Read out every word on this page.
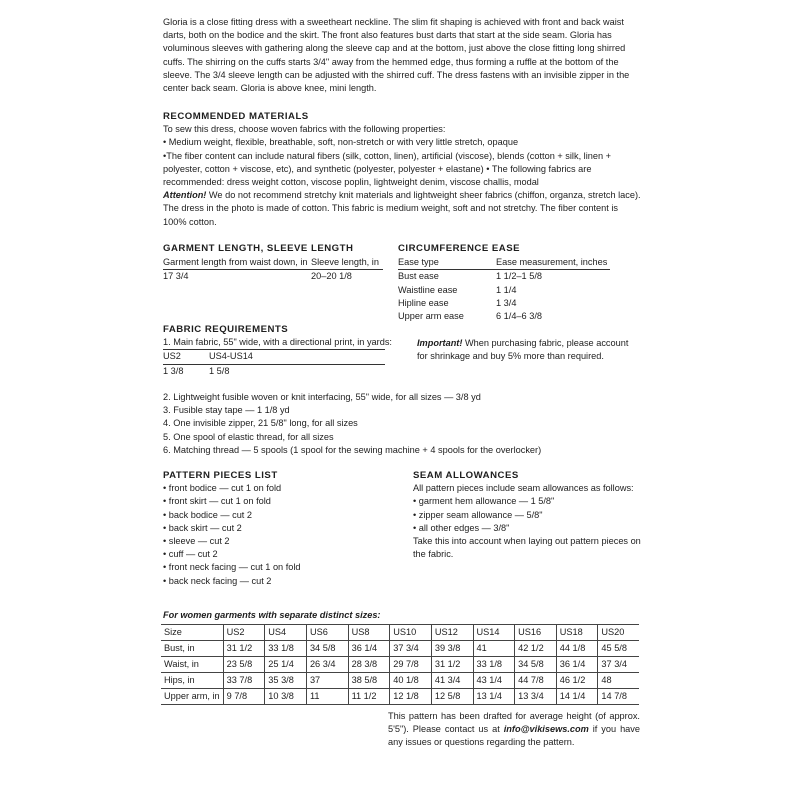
Gloria is a close fitting dress with a sweetheart neckline. The slim fit shaping is achieved with front and back waist darts, both on the bodice and the skirt. The front also features bust darts that start at the side seam. Gloria has voluminous sleeves with gathering along the sleeve cap and at the bottom, just above the close fitting long shirred cuffs. The shirring on the cuffs starts 3/4" away from the hemmed edge, thus forming a ruffle at the bottom of the sleeve. The 3/4 sleeve length can be adjusted with the shirred cuff. The dress fastens with an invisible zipper in the center back seam. Gloria is above knee, mini length.

RECOMMENDED MATERIALS

To sew this dress, choose woven fabrics with the following properties:

• Medium weight, flexible, breathable, soft, non-stretch or with very little stretch, opaque

•The fiber content can include natural fibers (silk, cotton, linen), artificial (viscose), blends (cotton + silk, linen + polyester, cotton + viscose, etc), and synthetic (polyester, polyester + elastane) • The following fabrics are recommended: dress weight cotton, viscose poplin, lightweight denim, viscose challis, modal

Attention! We do not recommend stretchy knit materials and lightweight sheer fabrics (chiffon, organza, stretch lace).

The dress in the photo is made of cotton. This fabric is medium weight, soft and not stretchy. The fiber content is 100% cotton.

GARMENT LENGTH, SLEEVE LENGTH
Garment length from waist down, in	Sleeve length, in
17 3/4	20–20 1/8
CIRCUMFERENCE EASE
Ease type	Ease measurement, inches
Bust ease	1 1/2–1 5/8
Waistline ease	1 1/4
Hipline ease	1 3/4
Upper arm ease	6 1/4–6 3/8
FABRIC REQUIREMENTS

1. Main fabric, 55" wide, with a directional print, in yards:

US2	US4-US14
1 3/8	1 5/8

Important! When purchasing fabric, please account for shrinkage and buy 5% more than required.

2. Lightweight fusible woven or knit interfacing, 55" wide, for all sizes — 3/8 yd

3. Fusible stay tape — 1 1/8 yd

4. One invisible zipper, 21 5/8" long, for all sizes

5. One spool of elastic thread, for all sizes

6. Matching thread — 5 spools (1 spool for the sewing machine + 4 spools for the overlocker)

PATTERN PIECES LIST

• front bodice — cut 1 on fold

• front skirt — cut 1 on fold

• back bodice — cut 2

• back skirt — cut 2

• sleeve — cut 2

• cuff — cut 2

• front neck facing — cut 1 on fold

• back neck facing — cut 2

SEAM ALLOWANCES

All pattern pieces include seam allowances as follows:

• garment hem allowance — 1 5/8"

• zipper seam allowance — 5/8"

• all other edges — 3/8"

Take this into account when laying out pattern pieces on the fabric.

For women garments with separate distinct sizes:
Size	US2	US4	US6	US8	US10	US12	US14	US16	US18	US20
Bust, in	31 1/2	33 1/8	34 5/8	36 1/4	37 3/4	39 3/8	41	42 1/2	44 1/8	45 5/8
Waist, in	23 5/8	25 1/4	26 3/4	28 3/8	29 7/8	31 1/2	33 1/8	34 5/8	36 1/4	37 3/4
Hips, in	33 7/8	35 3/8	37	38 5/8	40 1/8	41 3/4	43 1/4	44 7/8	46 1/2	48
Upper arm, in	9 7/8	10 3/8	11	11 1/2	12 1/8	12 5/8	13 1/4	13 3/4	14 1/4	14 7/8

This pattern has been drafted for average height (of approx. 5'5"). Please contact us at info@vikisews.com if you have any issues or questions regarding the pattern.
